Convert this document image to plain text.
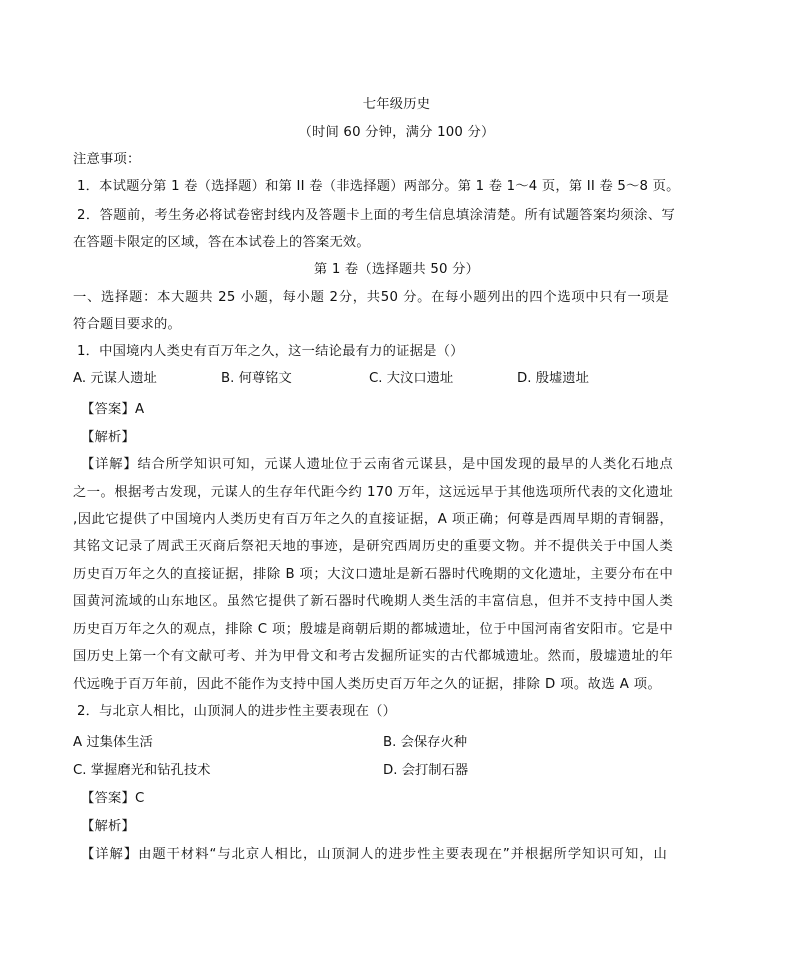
七年级历史
（时间 60 分钟，满分 100 分）
注意事项：
1．本试题分第 1 卷（选择题）和第 II 卷（非选择题）两部分。第 1 卷 1～4 页，第 II 卷 5～8 页。
2．答题前，考生务必将试卷密封线内及答题卡上面的考生信息填涂清楚。所有试题答案均须涂、写
在答题卡限定的区域，答在本试卷上的答案无效。
第 1 卷（选择题共 50 分）
一、选择题：本大题共 25 小题，每小题 2分，共50 分。在每小题列出的四个选项中只有一项是
符合题目要求的。
1．中国境内人类史有百万年之久，这一结论最有力的证据是（）
A. 元谋人遗址	B. 何尊铭文	C. 大汶口遗址	D. 殷墟遗址
【答案】A
【解析】
【详解】结合所学知识可知，元谋人遗址位于云南省元谋县，是中国发现的最早的人类化石地点
之一。根据考古发现，元谋人的生存年代距今约 170 万年，这远远早于其他选项所代表的文化遗址
,因此它提供了中国境内人类历史有百万年之久的直接证据，A 项正确；何尊是西周早期的青铜器，
其铭文记录了周武王灭商后祭祀天地的事迹，是研究西周历史的重要文物。并不提供关于中国人类
历史百万年之久的直接证据，排除 B 项；大汶口遗址是新石器时代晚期的文化遗址，主要分布在中
国黄河流域的山东地区。虽然它提供了新石器时代晚期人类生活的丰富信息，但并不支持中国人类
历史百万年之久的观点，排除 C 项；殷墟是商朝后期的都城遗址，位于中国河南省安阳市。它是中
国历史上第一个有文献可考、并为甲骨文和考古发掘所证实的古代都城遗址。然而，殷墟遗址的年
代远晚于百万年前，因此不能作为支持中国人类历史百万年之久的证据，排除 D 项。故选 A 项。
2．与北京人相比，山顶洞人的进步性主要表现在（）
A 过集体生活	B. 会保存火种
C. 掌握磨光和钻孔技术	D. 会打制石器
【答案】C
【解析】
【详解】由题干材料“与北京人相比，山顶洞人的进步性主要表现在”并根据所学知识可知，山
